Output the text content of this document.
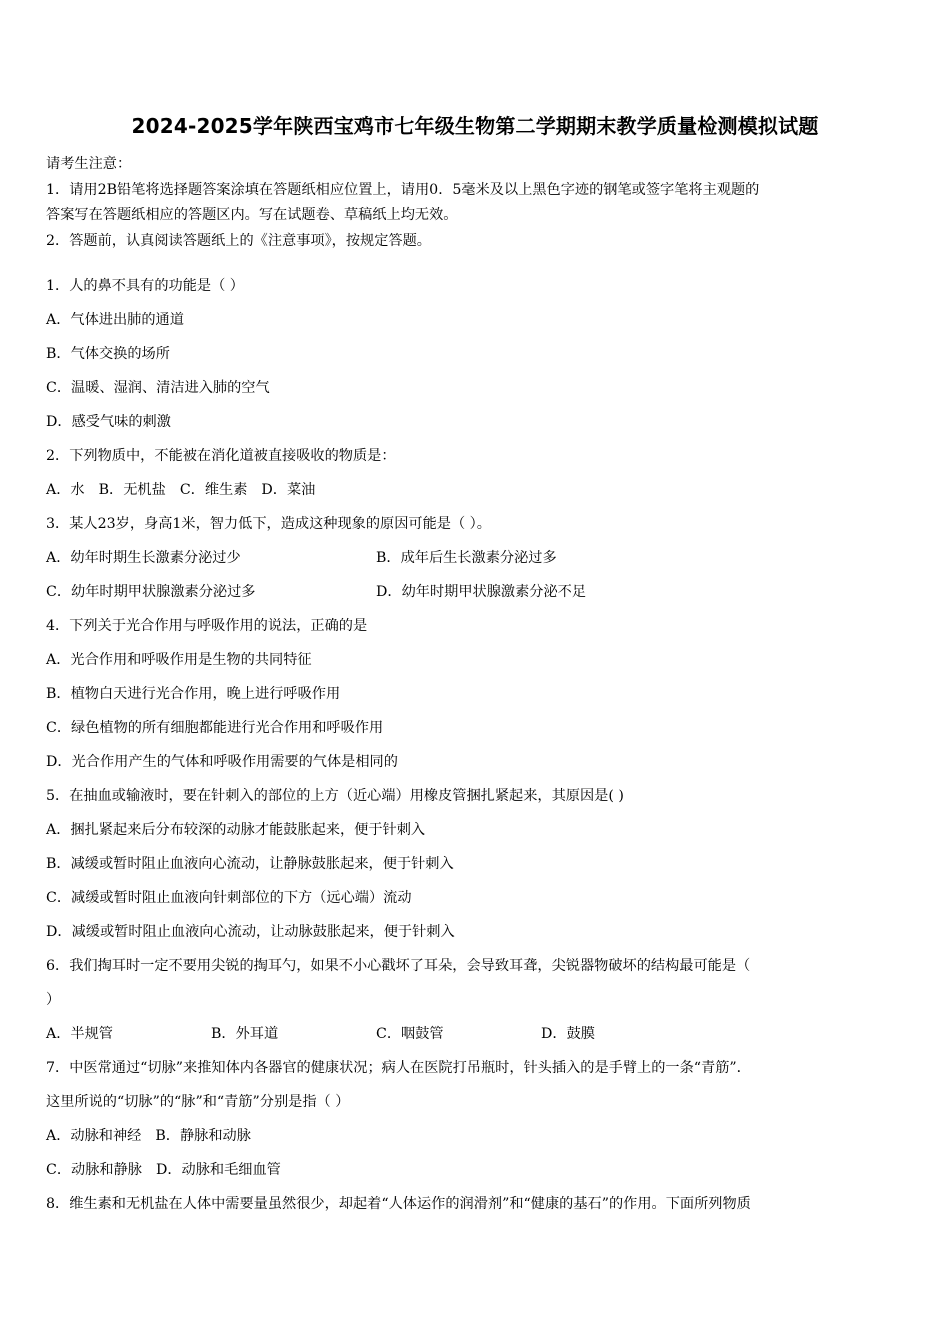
2024-2025学年陕西宝鸡市七年级生物第二学期期末教学质量检测模拟试题
请考生注意：
1．请用2B铅笔将选择题答案涂填在答题纸相应位置上，请用0．5毫米及以上黑色字迹的钢笔或签字笔将主观题的
答案写在答题纸相应的答题区内。写在试题卷、草稿纸上均无效。
2．答题前，认真阅读答题纸上的《注意事项》，按规定答题。
1．人的鼻不具有的功能是（ ）
A．气体进出肺的通道
B．气体交换的场所
C．温暖、湿润、清洁进入肺的空气
D．感受气味的刺激
2．下列物质中，不能被在消化道被直接吸收的物质是：
A．水 B．无机盐 C．维生素 D．菜油
3．某人23岁，身高1米，智力低下，造成这种现象的原因可能是（ ）。
A．幼年时期生长激素分泌过少	B．成年后生长激素分泌过多
C．幼年时期甲状腺激素分泌过多	D．幼年时期甲状腺激素分泌不足
4．下列关于光合作用与呼吸作用的说法，正确的是
A．光合作用和呼吸作用是生物的共同特征
B．植物白天进行光合作用，晚上进行呼吸作用
C．绿色植物的所有细胞都能进行光合作用和呼吸作用
D．光合作用产生的气体和呼吸作用需要的气体是相同的
5．在抽血或输液时，要在针刺入的部位的上方（近心端）用橡皮管捆扎紧起来，其原因是( )
A．捆扎紧起来后分布较深的动脉才能鼓胀起来，便于针刺入
B．减缓或暂时阻止血液向心流动，让静脉鼓胀起来，便于针刺入
C．减缓或暂时阻止血液向针刺部位的下方（远心端）流动
D．减缓或暂时阻止血液向心流动，让动脉鼓胀起来，便于针刺入
6．我们掏耳时一定不要用尖锐的掏耳勺，如果不小心戳坏了耳朵，会导致耳聋，尖锐器物破坏的结构最可能是（
）
A．半规管	B．外耳道	C．咽鼓管	D．鼓膜
7．中医常通过“切脉”来推知体内各器官的健康状况；病人在医院打吊瓶时，针头插入的是手臂上的一条“青筋”．
这里所说的“切脉”的“脉”和“青筋”分别是指（ ）
A．动脉和神经 B．静脉和动脉
C．动脉和静脉 D．动脉和毛细血管
8．维生素和无机盐在人体中需要量虽然很少，却起着“人体运作的润滑剂”和“健康的基石”的作用。下面所列物质
